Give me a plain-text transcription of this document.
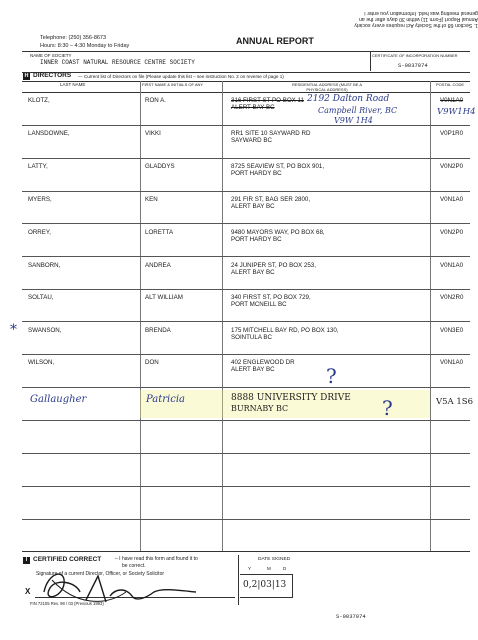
1. Section 68 of the Society Act requires every society
Annual Report (Form 11) within 30 days after the an
general meeting was held. Information you enter i
Telephone: (250) 356-8673
Hours: 8:30 – 4:30 Monday to Friday	ANNUAL REPORT
NAME OF SOCIETY
INNER COAST NATURAL RESOURCE CENTRE SOCIETY
CERTIFICATE OF INCORPORATION NUMBER
S-0037074
H DIRECTORS — Current list of Directors on file (Please update this list – see instruction No. 2 on reverse of page 1)
LAST NAME	FIRST NAME & INITIALS OF ANY	RESIDENTIAL ADDRESS (MUST BE A PHYSICAL ADDRESS)
POSTAL CODE
KLOTZ,	RON A.	316 FIRST ST PO BOX 11
ALERT BAY BC
V0N1A0
2192 Dalton Road
Campbell River, BC
V9W 1H4
V9W1H4
LANSDOWNE,	VIKKI	RR1 SITE 10 SAYWARD RD
SAYWARD BC
V0P1R0
LATTY,	GLADDYS	8725 SEAVIEW ST, PO BOX 901,
PORT HARDY BC
V0N2P0
MYERS,	KEN	291 FIR ST, BAG SER 2800,
ALERT BAY BC
V0N1A0
ORREY,	LORETTA	9480 MAYORS WAY, PO BOX 68,
PORT HARDY BC
V0N2P0
SANBORN,	ANDREA	24 JUNIPER ST, PO BOX 253,
ALERT BAY BC
V0N1A0
SOLTAU,	ALT WILLIAM	340 FIRST ST, PO BOX 729,
PORT MCNEILL BC
V0N2R0
* SWANSON,	BRENDA	175 MITCHELL BAY RD, PO BOX 130,
SOINTULA BC
V0N3E0
WILSON,	DON	402 ENGLEWOOD DR
ALERT BAY BC
V0N1A0
?
Gallaugher	Patricia	8888 UNIVERSITY DRIVE
BURNABY BC
V5A 1S6
?
I CERTIFIED CORRECT	– I have read this form and found it to
be correct.
Signature of a current Director, Officer, or Society Solicitor
X
FIN 72105 Rev. 98 / 03 (Previous 1993)
DATE SIGNED
Y	M	D
0,2|03|13
S-0037074
